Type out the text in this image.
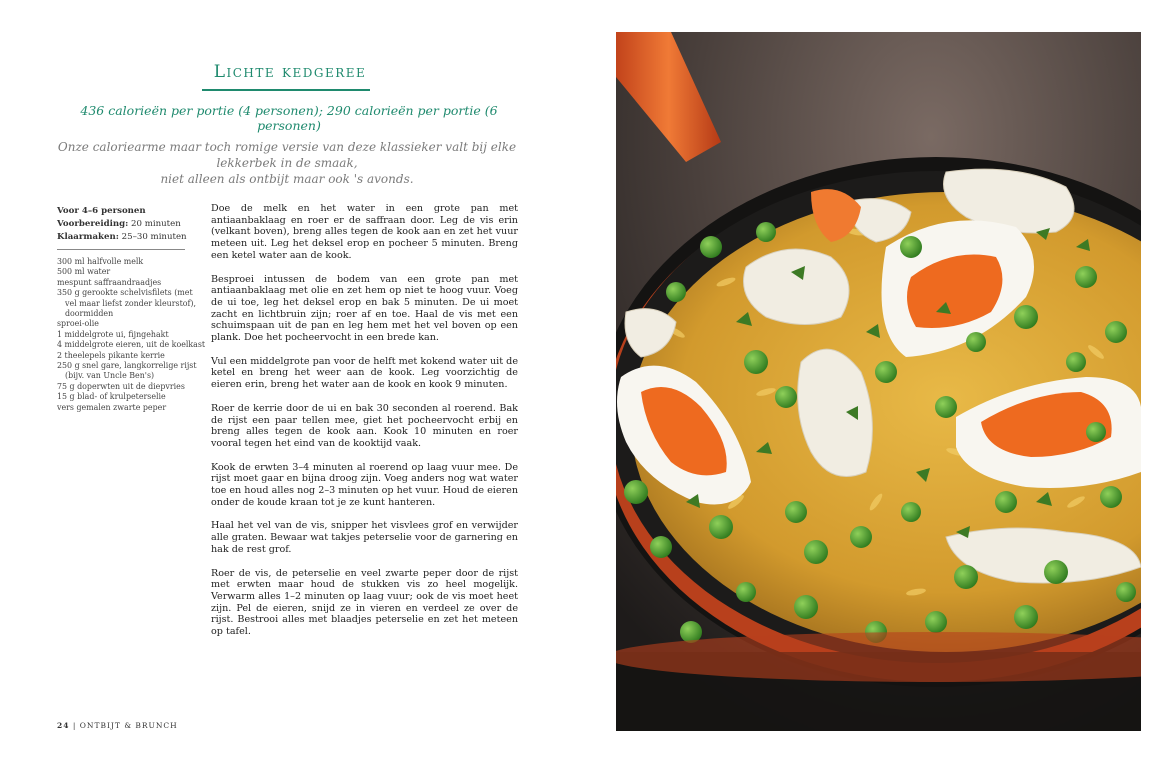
Lichte kedgeree
436 calorieën per portie (4 personen); 290 calorieën per portie (6 personen)
Onze caloriearme maar toch romige versie van deze klassieker valt bij elke lekkerbek in de smaak,
niet alleen als ontbijt maar ook 's avonds.
Voor 4–6 personen
Voorbereiding: 20 minuten
Klaarmaken: 25–30 minuten
300 ml halfvolle melk
500 ml water
mespunt saffraandraadjes
350 g gerookte schelvisfilets (met
vel maar liefst zonder kleurstof),
doormidden
sproei-olie
1 middelgrote ui, fijngehakt
4 middelgrote eieren, uit de koelkast
2 theelepels pikante kerrie
250 g snel gare, langkorrelige rijst
(bijv. van Uncle Ben's)
75 g doperwten uit de diepvries
15 g blad- of krulpeterselie
vers gemalen zwarte peper

Doe de melk en het water in een grote pan met antiaanbaklaag en roer er de saffraan door. Leg de vis erin (velkant boven), breng alles tegen de kook aan en zet het vuur meteen uit. Leg het deksel erop en pocheer 5 minuten. Breng een ketel water aan de kook.

Besproei intussen de bodem van een grote pan met antiaanbaklaag met olie en zet hem op niet te hoog vuur. Voeg de ui toe, leg het deksel erop en bak 5 minuten. De ui moet zacht en lichtbruin zijn; roer af en toe. Haal de vis met een schuimspaan uit de pan en leg hem met het vel boven op een plank. Doe het pocheervocht in een brede kan.

Vul een middelgrote pan voor de helft met kokend water uit de ketel en breng het weer aan de kook. Leg voorzichtig de eieren erin, breng het water aan de kook en kook 9 minuten.

Roer de kerrie door de ui en bak 30 seconden al roerend. Bak de rijst een paar tellen mee, giet het pocheervocht erbij en breng alles tegen de kook aan. Kook 10 minuten en roer vooral tegen het eind van de kooktijd vaak.

Kook de erwten 3–4 minuten al roerend op laag vuur mee. De rijst moet gaar en bijna droog zijn. Voeg anders nog wat water toe en houd alles nog 2–3 minuten op het vuur. Houd de eieren onder de koude kraan tot je ze kunt hanteren.

Haal het vel van de vis, snipper het visvlees grof en verwijder alle graten. Bewaar wat takjes peterselie voor de garnering en hak de rest grof.

Roer de vis, de peterselie en veel zwarte peper door de rijst met erwten maar houd de stukken vis zo heel mogelijk. Verwarm alles 1–2 minuten op laag vuur; ook de vis moet heet zijn. Pel de eieren, snijd ze in vieren en verdeel ze over de rijst. Bestrooi alles met blaadjes peterselie en zet het meteen op tafel.

24 | ONTBIJT & BRUNCH
